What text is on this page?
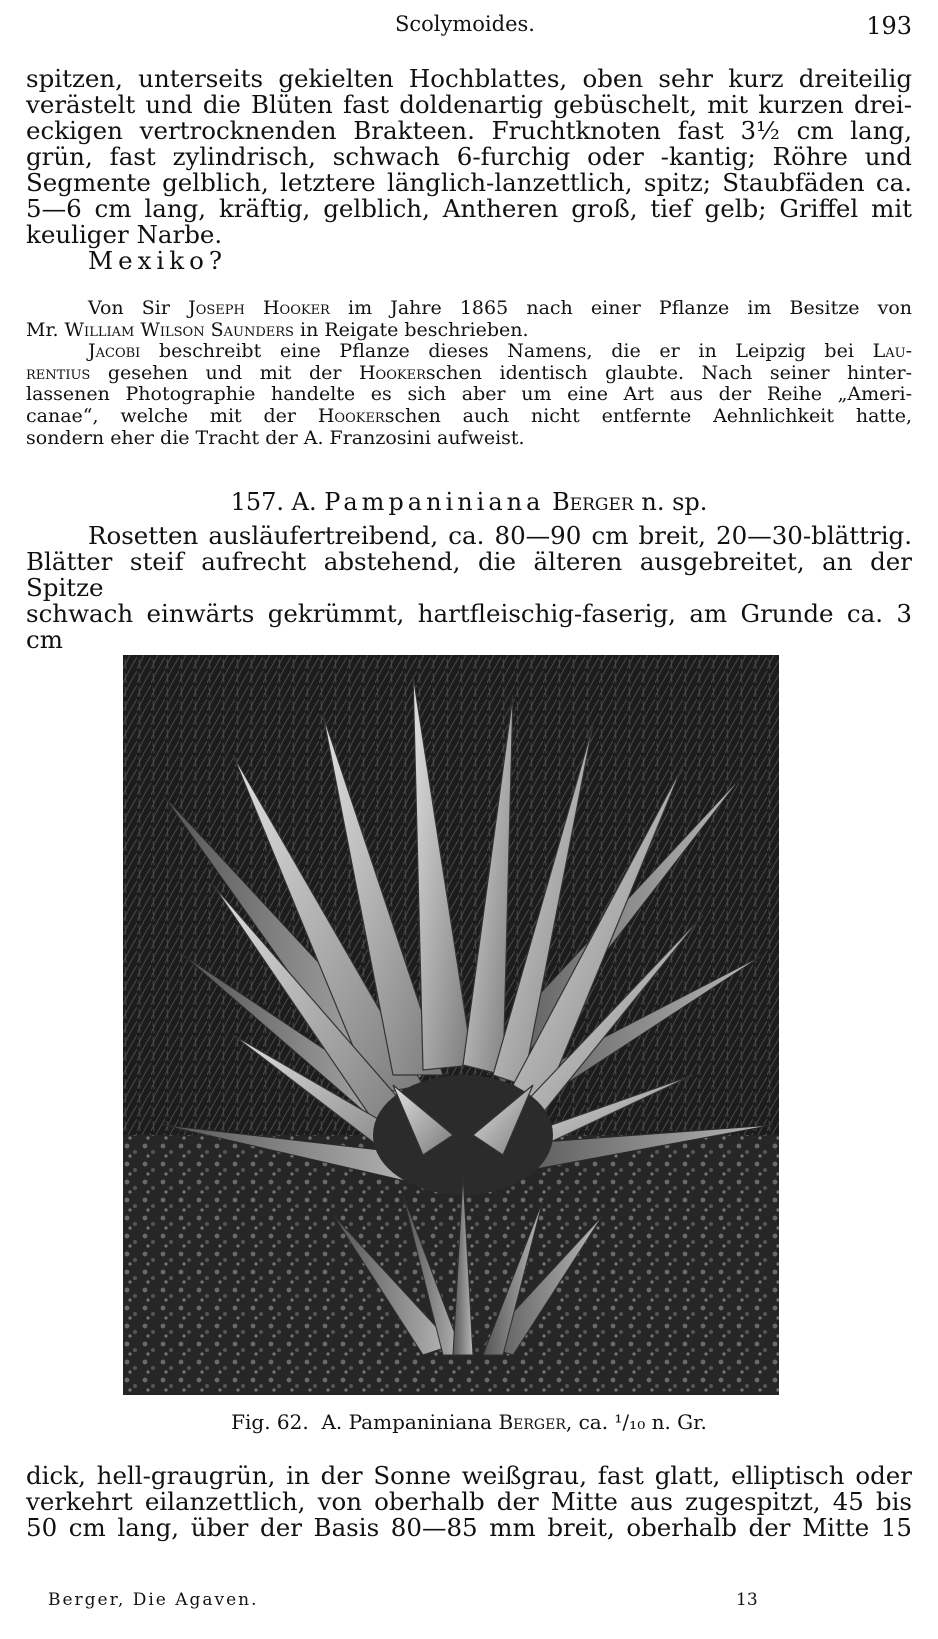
Scolymoides.	193
spitzen, unterseits gekielten Hochblattes, oben sehr kurz dreiteilig
verästelt und die Blüten fast doldenartig gebüschelt, mit kurzen drei-
eckigen vertrocknenden Brakteen. Fruchtknoten fast 3½ cm lang,
grün, fast zylindrisch, schwach 6-furchig oder -kantig; Röhre und
Segmente gelblich, letztere länglich-lanzettlich, spitz; Staubfäden ca.
5—6 cm lang, kräftig, gelblich, Antheren groß, tief gelb; Griffel mit
keuliger Narbe.
Mexiko?
Von Sir Joseph Hooker im Jahre 1865 nach einer Pflanze im Besitze von
Mr. William Wilson Saunders in Reigate beschrieben.
Jacobi beschreibt eine Pflanze dieses Namens, die er in Leipzig bei Lau-
rentius gesehen und mit der Hookerschen identisch glaubte. Nach seiner hinter-
lassenen Photographie handelte es sich aber um eine Art aus der Reihe „Ameri-
canae“, welche mit der Hookerschen auch nicht entfernte Aehnlichkeit hatte,
sondern eher die Tracht der A. Franzosini aufweist.
157. A. Pampaniniana Berger n. sp.
Rosetten ausläufertreibend, ca. 80—90 cm breit, 20—30-blättrig.
Blätter steif aufrecht abstehend, die älteren ausgebreitet, an der Spitze
schwach einwärts gekrümmt, hartfleischig-faserig, am Grunde ca. 3 cm
Fig. 62. A. Pampaniniana Berger, ca. ¹/₁₀ n. Gr.
dick, hell-graugrün, in der Sonne weißgrau, fast glatt, elliptisch oder
verkehrt eilanzettlich, von oberhalb der Mitte aus zugespitzt, 45 bis
50 cm lang, über der Basis 80—85 mm breit, oberhalb der Mitte 15
Berger, Die Agaven.	13
